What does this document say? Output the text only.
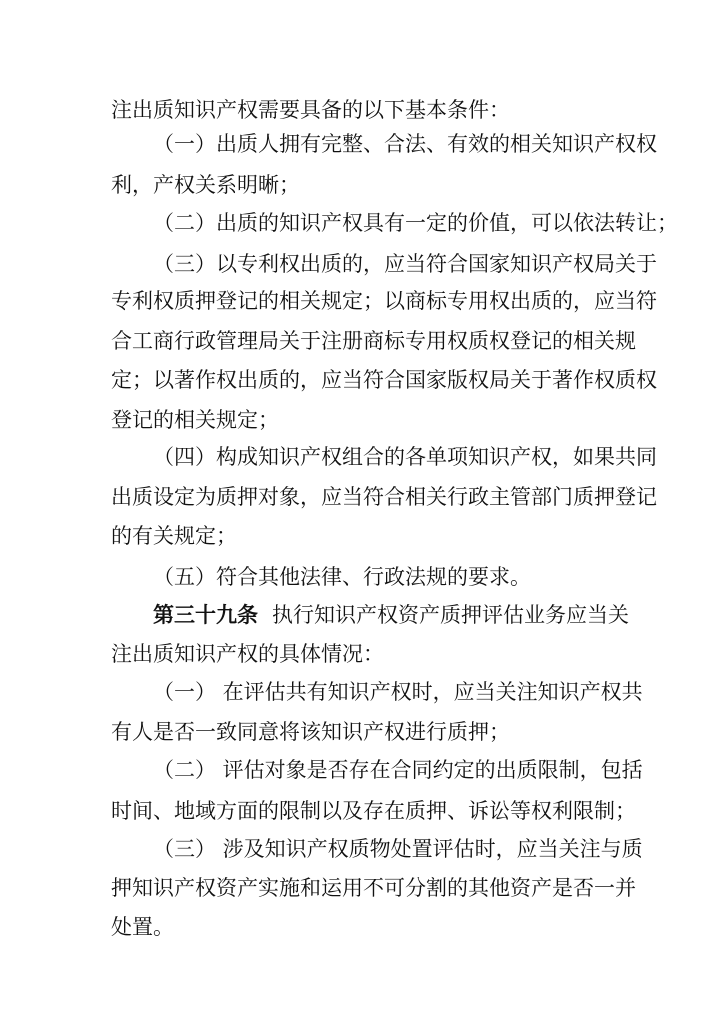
注出质知识产权需要具备的以下基本条件：
（一）出质人拥有完整、合法、有效的相关知识产权权
利，产权关系明晰；
（二）出质的知识产权具有一定的价值，可以依法转让；
（三）以专利权出质的，应当符合国家知识产权局关于
专利权质押登记的相关规定；以商标专用权出质的，应当符
合工商行政管理局关于注册商标专用权质权登记的相关规
定；以著作权出质的，应当符合国家版权局关于著作权质权
登记的相关规定；
（四）构成知识产权组合的各单项知识产权，如果共同
出质设定为质押对象，应当符合相关行政主管部门质押登记
的有关规定；
（五）符合其他法律、行政法规的要求。
第三十九条 执行知识产权资产质押评估业务应当关
注出质知识产权的具体情况：
（一） 在评估共有知识产权时，应当关注知识产权共
有人是否一致同意将该知识产权进行质押；
（二） 评估对象是否存在合同约定的出质限制，包括
时间、地域方面的限制以及存在质押、诉讼等权利限制；
（三） 涉及知识产权质物处置评估时，应当关注与质
押知识产权资产实施和运用不可分割的其他资产是否一并
处置。
